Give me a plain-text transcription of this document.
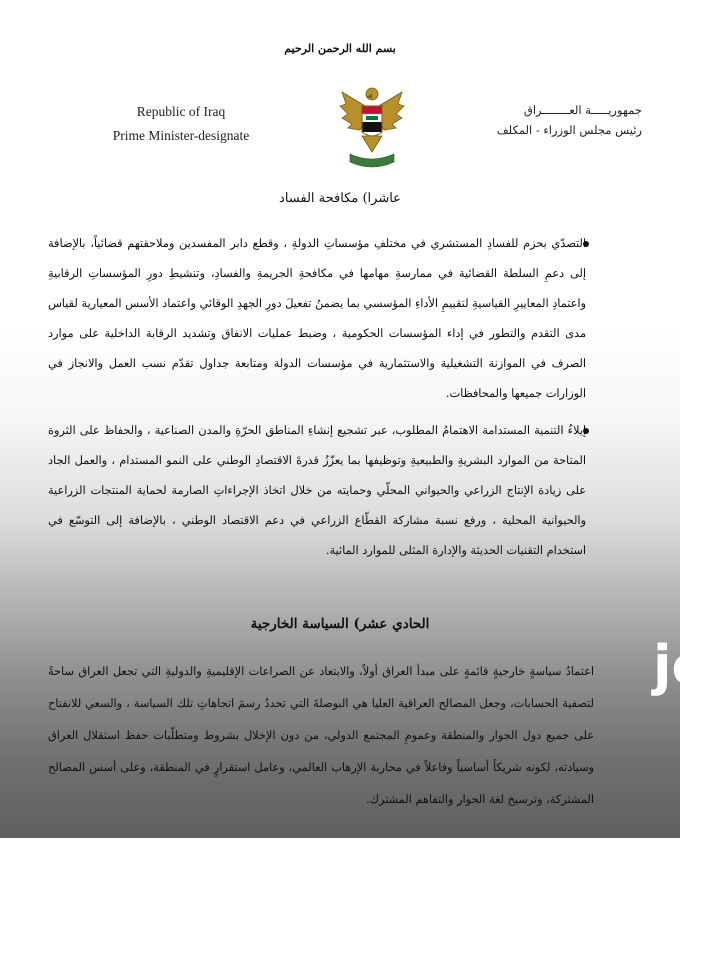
بسم الله الرحمن الرحيم
Republic of Iraq
Prime Minister-designate
جمهوريـــــة العــــــــراق
رئيس مجلس الوزراء - المكلف
عاشرا) مكافحة الفساد
التصدّي بحزم للفسادِ المستشري في مختلفِ مؤسساتِ الدولةِ ، وقطع دابر المفسدين وملاحقتهم قضائياً، بالإضافة إلى دعمِ السلطة القضائية في ممارسةِ مهامها في مكافحةِ الجريمةِ والفسادِ، وتنشيطِ دورِ المؤسساتِ الرقابيةِ واعتمادِ المعاييرِ القياسيةِ لتقييمِ الأداءِ المؤسسي بما يضمنُ تفعيلَ دورِ الجهدِ الوقائي واعتماد الأسس المعيارية لقياس مدى التقدم والتطور في إداء المؤسسات الحكومية ، وضبط عمليات الانفاق وتشديد الرقابة الداخلية على موارد الصرف في الموازنة التشغيلية والاستثمارية في مؤسسات الدولة ومتابعة جداول تقدّم نسب العمل والانجاز في الوزارات جميعها والمحافظات.
إيلاءُ التنمية المستدامة الاهتمامُ المطلوب، عبر تشجيع إنشاءِ المناطق الحرّةِ والمدن الصناعية ، والحفاظ على الثروة المتاحة من الموارد البشريةِ والطبيعيةِ وتوظيفها بما يعزّزُ قدرةَ الاقتصادِ الوطني على النمو المستدام ، والعمل الجاد على زيادة الإنتاج الزراعي والحيواني المحلّي وحمايته من خلال اتخاذ الإجراءاتِ الصارمة لحماية المنتجات الزراعية والحيوانية المحلية ، ورفع نسبة مشاركة القطّاع الزراعي في دعم الاقتصاد الوطني ، بالإضافة إلى التوسّع في استخدام التقنيات الحديثة والإدارة المثلى للموارد المائية.
الحادي عشر) السياسة الخارجية
اعتمادُ سياسةٍ خارجيةٍ قائمةٍ على مبدأ العراق أولاً، والابتعاد عن الصراعات الإقليميةِ والدوليةِ التي تجعل العراق ساحةً لتصفية الحسابات، وجعل المصالح العراقية العليا هي البوصلةَ التي تحددُ رسمَ اتجاهاتِ تلك السياسة ، والسعي للانفتاح على جميع دول الجوار والمنطقة وعمومِ المجتمع الدولي، من دون الإخلال بشروط ومتطلّبات حفظ استقلال العراق وسيادته، لكونه شريكاً أساسياً وفاعلاً في محاربة الإرهاب العالمي، وعامل استقرارٍ في المنطقة، وعلى أسس المصالح المشتركة، وترسيخ لغة الحوار والتفاهم المشترك.
jo
